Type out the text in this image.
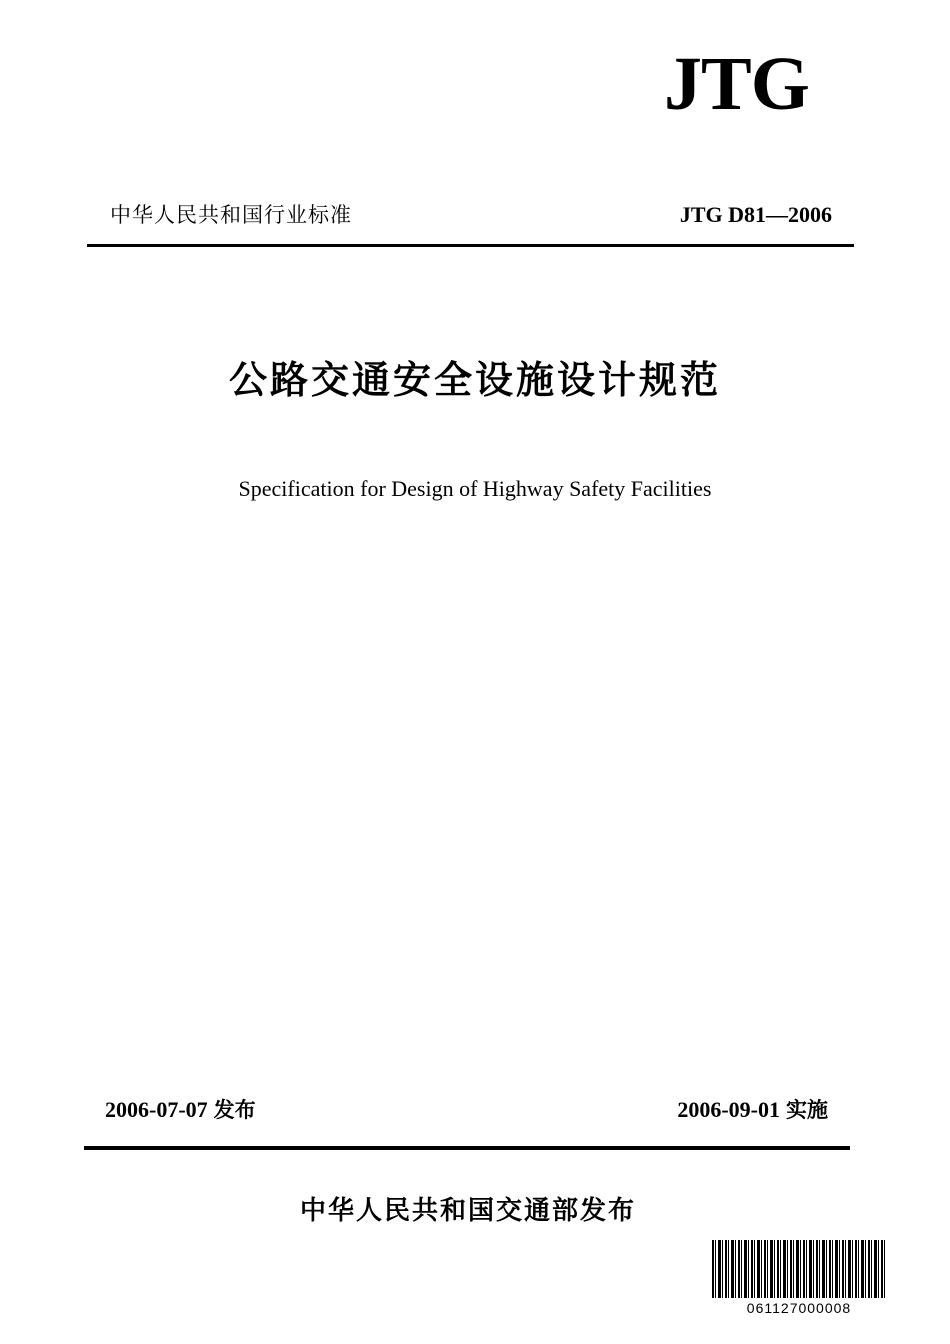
JTG
中华人民共和国行业标准	JTG D81—2006
公路交通安全设施设计规范
Specification for Design of Highway Safety Facilities
2006-07-07 发布	2006-09-01 实施
中华人民共和国交通部发布
061127000008
